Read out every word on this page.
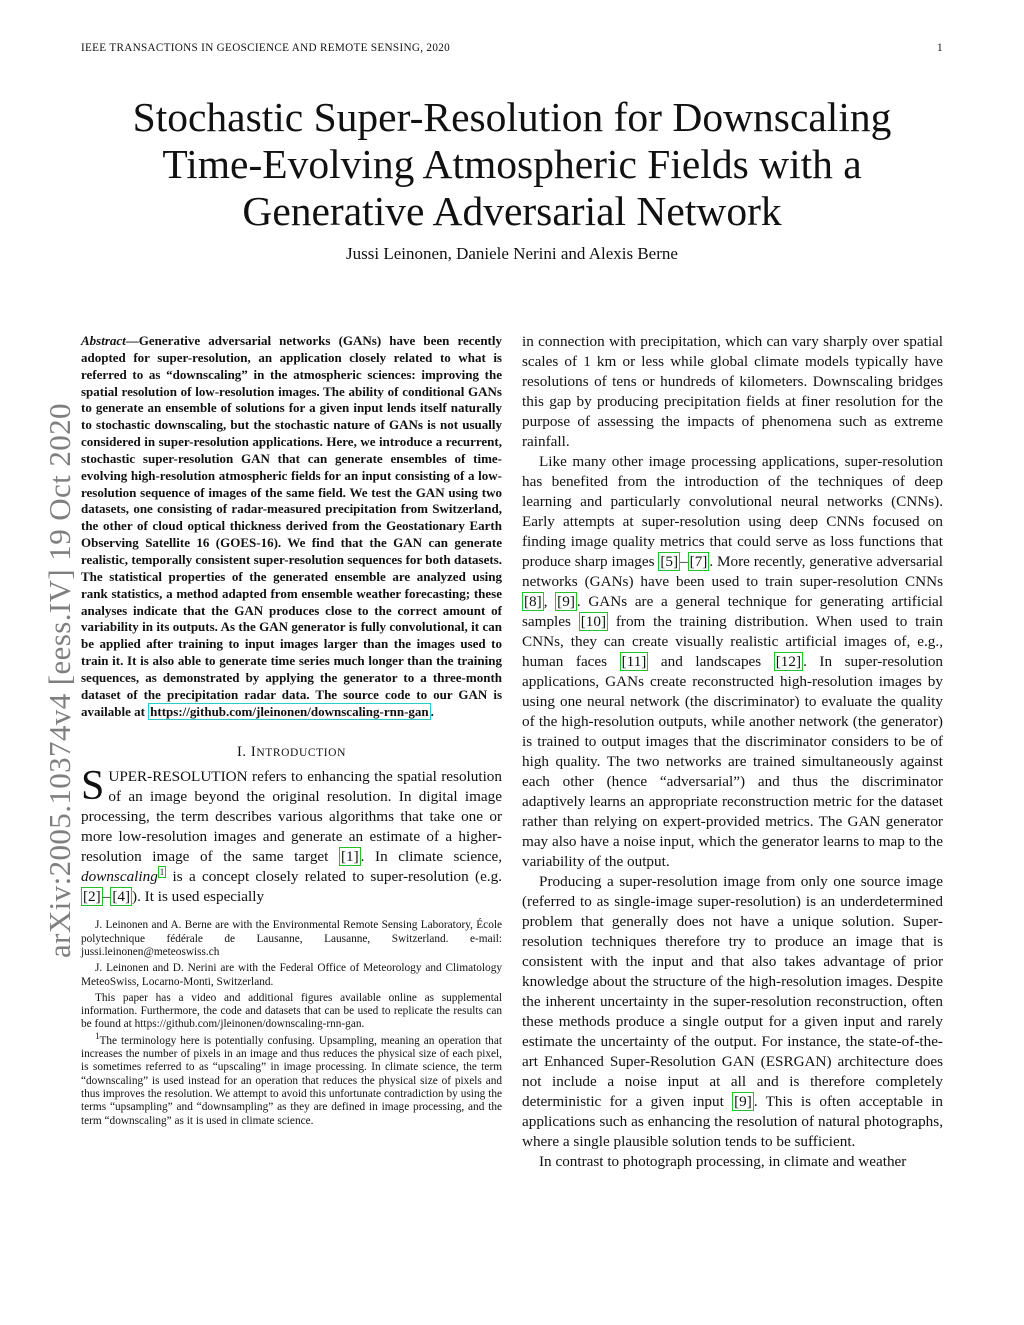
IEEE TRANSACTIONS IN GEOSCIENCE AND REMOTE SENSING, 2020	1
Stochastic Super-Resolution for Downscaling Time-Evolving Atmospheric Fields with a Generative Adversarial Network
Jussi Leinonen, Daniele Nerini and Alexis Berne
arXiv:2005.10374v4 [eess.IV] 19 Oct 2020

Abstract—Generative adversarial networks (GANs) have been recently adopted for super-resolution, an application closely related to what is referred to as “downscaling” in the atmospheric sciences: improving the spatial resolution of low-resolution images. The ability of conditional GANs to generate an ensemble of solutions for a given input lends itself naturally to stochastic downscaling, but the stochastic nature of GANs is not usually considered in super-resolution applications. Here, we introduce a recurrent, stochastic super-resolution GAN that can generate ensembles of time-evolving high-resolution atmospheric fields for an input consisting of a low-resolution sequence of images of the same field. We test the GAN using two datasets, one consisting of radar-measured precipitation from Switzerland, the other of cloud optical thickness derived from the Geostationary Earth Observing Satellite 16 (GOES-16). We find that the GAN can generate realistic, temporally consistent super-resolution sequences for both datasets. The statistical properties of the generated ensemble are analyzed using rank statistics, a method adapted from ensemble weather forecasting; these analyses indicate that the GAN produces close to the correct amount of variability in its outputs. As the GAN generator is fully convolutional, it can be applied after training to input images larger than the images used to train it. It is also able to generate time series much longer than the training sequences, as demonstrated by applying the generator to a three-month dataset of the precipitation radar data. The source code to our GAN is available at https://github.com/jleinonen/downscaling-rnn-gan .

I. INTRODUCTION

SUPER-RESOLUTION refers to enhancing the spatial resolution of an image beyond the original resolution. In digital image processing, the term describes various algorithms that take one or more low-resolution images and generate an estimate of a higher-resolution image of the same target [1] . In climate science, downscaling $^1$ is a concept closely related to super-resolution (e.g. [2] – [4] ). It is used especially

J. Leinonen and A. Berne are with the Environmental Remote Sensing Laboratory, École polytechnique fédérale de Lausanne, Lausanne, Switzerland. e-mail: jussi.leinonen@meteoswiss.ch

J. Leinonen and D. Nerini are with the Federal Office of Meteorology and Climatology MeteoSwiss, Locarno-Monti, Switzerland.

This paper has a video and additional figures available online as supplemental information. Furthermore, the code and datasets that can be used to replicate the results can be found at https://github.com/jleinonen/downscaling-rnn-gan.

$^1$The terminology here is potentially confusing. Upsampling, meaning an operation that increases the number of pixels in an image and thus reduces the physical size of each pixel, is sometimes referred to as “upscaling” in image processing. In climate science, the term “downscaling” is used instead for an operation that reduces the physical size of pixels and thus improves the resolution. We attempt to avoid this unfortunate contradiction by using the terms “upsampling” and “downsampling” as they are defined in image processing, and the term “downscaling” as it is used in climate science.

in connection with precipitation, which can vary sharply over spatial scales of 1 km or less while global climate models typically have resolutions of tens or hundreds of kilometers. Downscaling bridges this gap by producing precipitation fields at finer resolution for the purpose of assessing the impacts of phenomena such as extreme rainfall.

Like many other image processing applications, super-resolution has benefited from the introduction of the techniques of deep learning and particularly convolutional neural networks (CNNs). Early attempts at super-resolution using deep CNNs focused on finding image quality metrics that could serve as loss functions that produce sharp images [5] – [7] . More recently, generative adversarial networks (GANs) have been used to train super-resolution CNNs [8] , [9] . GANs are a general technique for generating artificial samples [10] from the training distribution. When used to train CNNs, they can create visually realistic artificial images of, e.g., human faces [11] and landscapes [12] . In super-resolution applications, GANs create reconstructed high-resolution images by using one neural network (the discriminator) to evaluate the quality of the high-resolution outputs, while another network (the generator) is trained to output images that the discriminator considers to be of high quality. The two networks are trained simultaneously against each other (hence “adversarial”) and thus the discriminator adaptively learns an appropriate reconstruction metric for the dataset rather than relying on expert-provided metrics. The GAN generator may also have a noise input, which the generator learns to map to the variability of the output.

Producing a super-resolution image from only one source image (referred to as single-image super-resolution) is an underdetermined problem that generally does not have a unique solution. Super-resolution techniques therefore try to produce an image that is consistent with the input and that also takes advantage of prior knowledge about the structure of the high-resolution images. Despite the inherent uncertainty in the super-resolution reconstruction, often these methods produce a single output for a given input and rarely estimate the uncertainty of the output. For instance, the state-of-the-art Enhanced Super-Resolution GAN (ESRGAN) architecture does not include a noise input at all and is therefore completely deterministic for a given input [9] . This is often acceptable in applications such as enhancing the resolution of natural photographs, where a single plausible solution tends to be sufficient.

In contrast to photograph processing, in climate and weather
